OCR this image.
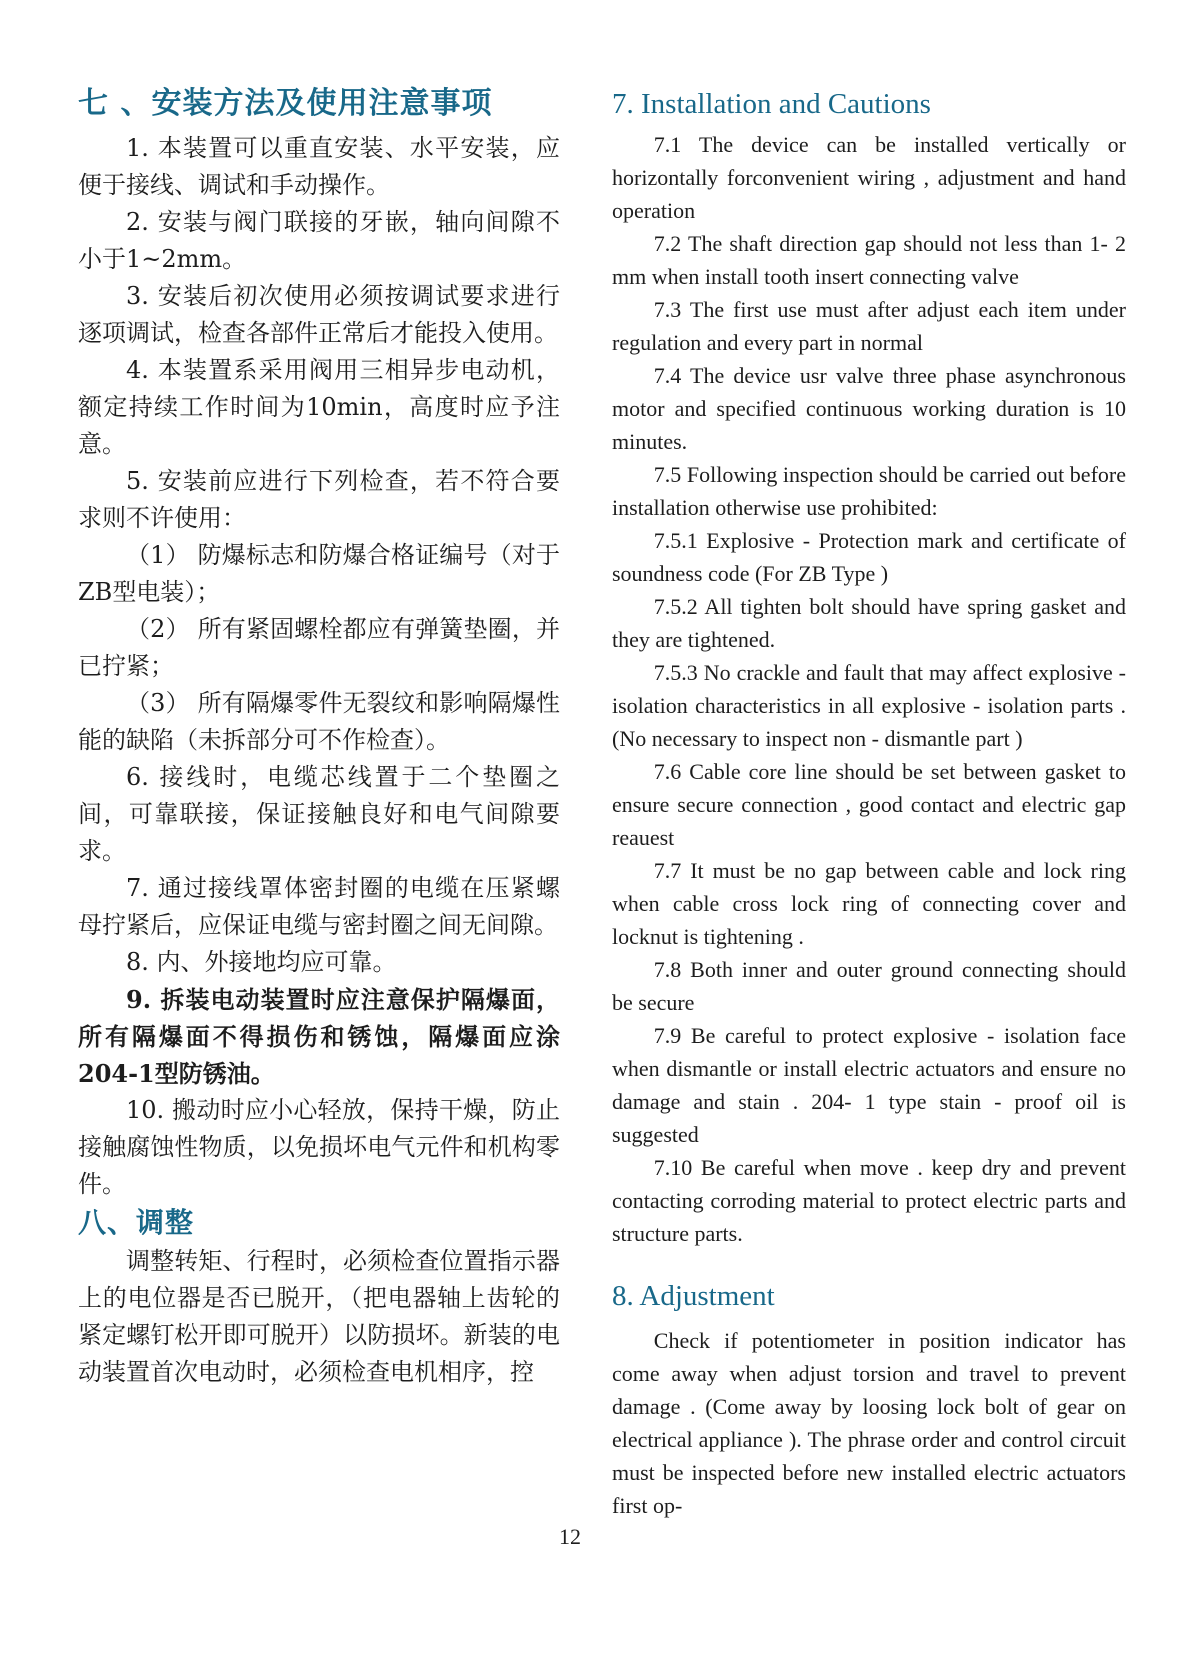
七 、安装方法及使用注意事项

1. 本装置可以重直安装、水平安装，应便于接线、调试和手动操作。

2. 安装与阀门联接的牙嵌，轴向间隙不小于1~2mm。

3. 安装后初次使用必须按调试要求进行逐项调试，检查各部件正常后才能投入使用。

4. 本装置系采用阀用三相异步电动机，额定持续工作时间为10min，高度时应予注意。

5. 安装前应进行下列检查，若不符合要求则不许使用：

（1） 防爆标志和防爆合格证编号（对于ZB型电装）；

（2） 所有紧固螺栓都应有弹簧垫圈，并已拧紧；

（3） 所有隔爆零件无裂纹和影响隔爆性能的缺陷（未拆部分可不作检查）。

6. 接线时，电缆芯线置于二个垫圈之间，可靠联接，保证接触良好和电气间隙要求。

7. 通过接线罩体密封圈的电缆在压紧螺母拧紧后，应保证电缆与密封圈之间无间隙。

8. 内、外接地均应可靠。

9. 拆装电动装置时应注意保护隔爆面，所有隔爆面不得损伤和锈蚀，隔爆面应涂204-1型防锈油。

10. 搬动时应小心轻放，保持干燥，防止接触腐蚀性物质，以免损坏电气元件和机构零件。

八、调整

调整转矩、行程时，必须检查位置指示器上的电位器是否已脱开，（把电器轴上齿轮的紧定螺钉松开即可脱开）以防损坏。新装的电动装置首次电动时，必须检查电机相序，控

7. Installation and Cautions

7.1 The device can be installed vertically or horizontally forconvenient wiring , adjustment and hand operation

7.2 The shaft direction gap should not less than 1- 2 mm when install tooth insert connecting valve

7.3 The first use must after adjust each item under regulation and every part in normal

7.4 The device usr valve three phase asynchronous motor and specified continuous working duration is 10 minutes.

7.5 Following inspection should be carried out before installation otherwise use prohibited:

7.5.1 Explosive - Protection mark and certificate of soundness code (For ZB Type )

7.5.2 All tighten bolt should have spring gasket and they are tightened.

7.5.3 No crackle and fault that may affect explosive - isolation characteristics in all explosive - isolation parts . (No necessary to inspect non - dismantle part )

7.6 Cable core line should be set between gasket to ensure secure connection , good contact and electric gap reauest

7.7 It must be no gap between cable and lock ring when cable cross lock ring of connecting cover and locknut is tightening .

7.8 Both inner and outer ground connecting should be secure

7.9 Be careful to protect explosive - isolation face when dismantle or install electric actuators and ensure no damage and stain . 204- 1 type stain - proof oil is suggested

7.10 Be careful when move . keep dry and prevent contacting corroding material to protect electric parts and structure parts.

8. Adjustment

Check if potentiometer in position indicator has come away when adjust torsion and travel to prevent damage . (Come away by loosing lock bolt of gear on electrical appliance ). The phrase order and control circuit must be inspected before new installed electric actuators first op-

12
